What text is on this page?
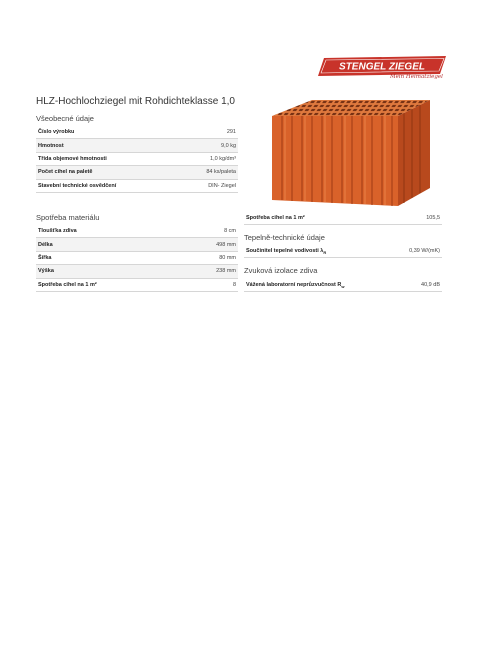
STENGEL ZIEGEL
Mein Heimatziegel
HLZ-Hochlochziegel mit Rohdichteklasse 1,0
Všeobecné údaje
Číslo výrobku	291
Hmotnost	9,0 kg
Třída objemové hmotnosti	1,0 kg/dm³
Počet cihel na paletě	84 ks/paleta
Stavební technické osvědčení	DIN- Ziegel
Spotřeba cihel na 1 m²	105,5
Tepelně-technické údaje
Součinitel tepelné vodivosti $\lambda_R$	0,39 W/(mK)
Zvuková izolace zdiva
Vážená laboratorní neprůzvučnost $R_w$	40,9 dB
Spotřeba materiálu
Tloušťka zdiva	8 cm
Délka	498 mm
Šířka	80 mm
Výška	238 mm
Spotřeba cihel na 1 m²	8
